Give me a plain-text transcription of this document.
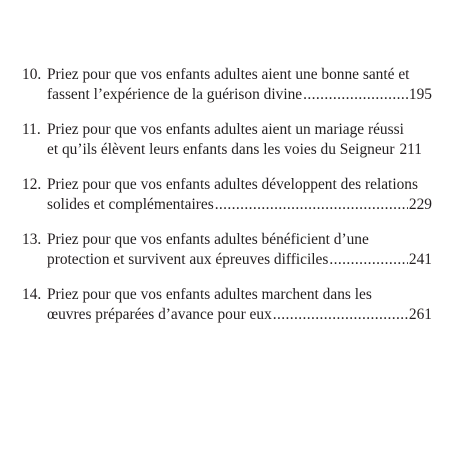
10. Priez pour que vos enfants adultes aient une bonne santé et
fassent l’expérience de la guérison divine .....	195
11. Priez pour que vos enfants adultes aient un mariage réussi
et qu’ils élèvent leurs enfants dans les voies du Seigneur 211
12. Priez pour que vos enfants adultes développent des relations
solides et complémentaires .....	229
13. Priez pour que vos enfants adultes bénéficient d’une
protection et survivent aux épreuves difficiles .....	241
14. Priez pour que vos enfants adultes marchent dans les
œuvres préparées d’avance pour eux .....	261
